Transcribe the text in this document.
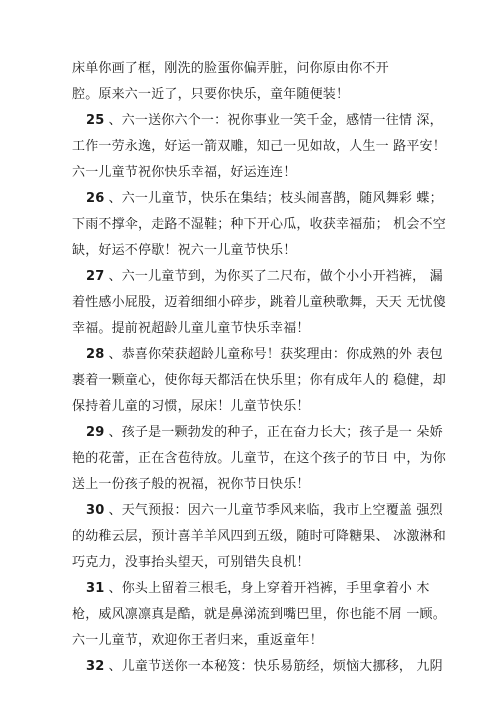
床单你画了框，刚洗的脸蛋你偏弄脏，问你原由你不开
腔。原来六一近了，只要你快乐，童年随便装！
25 、六一送你六个一：祝你事业一笑千金，感情一往情 深，
工作一劳永逸，好运一箭双雕，知己一见如故，人生一 路平安！
六一儿童节祝你快乐幸福，好运连连！
26 、六一儿童节，快乐在集结；枝头闹喜鹊，随风舞彩 蝶；
下雨不撑伞，走路不湿鞋；种下开心瓜，收获幸福茄； 机会不空
缺，好运不停歇！祝六一儿童节快乐！
27 、六一儿童节到，为你买了二尺布，做个小小开裆裤， 漏
着性感小屁股，迈着细细小碎步，跳着儿童秧歌舞，天天 无忧傻
幸福。提前祝超龄儿童儿童节快乐幸福！
28 、恭喜你荣获超龄儿童称号！获奖理由：你成熟的外 表包
裹着一颗童心，使你每天都活在快乐里；你有成年人的 稳健，却
保持着儿童的习惯，尿床！儿童节快乐！
29 、孩子是一颗勃发的种子，正在奋力长大；孩子是一 朵娇
艳的花蕾，正在含苞待放。儿童节，在这个孩子的节日 中，为你
送上一份孩子般的祝福，祝你节日快乐！
30 、天气预报：因六一儿童节季风来临，我市上空覆盖 强烈
的幼稚云层，预计喜羊羊风四到五级，随时可降糖果、 冰激淋和
巧克力，没事抬头望天，可别错失良机！
31 、你头上留着三根毛，身上穿着开裆裤，手里拿着小 木
枪，威风凛凛真是酷，就是鼻涕流到嘴巴里，你也能不屑 一顾。
六一儿童节，欢迎你王者归来，重返童年！
32 、儿童节送你一本秘笈：快乐易筋经，烦恼大挪移， 九阴
